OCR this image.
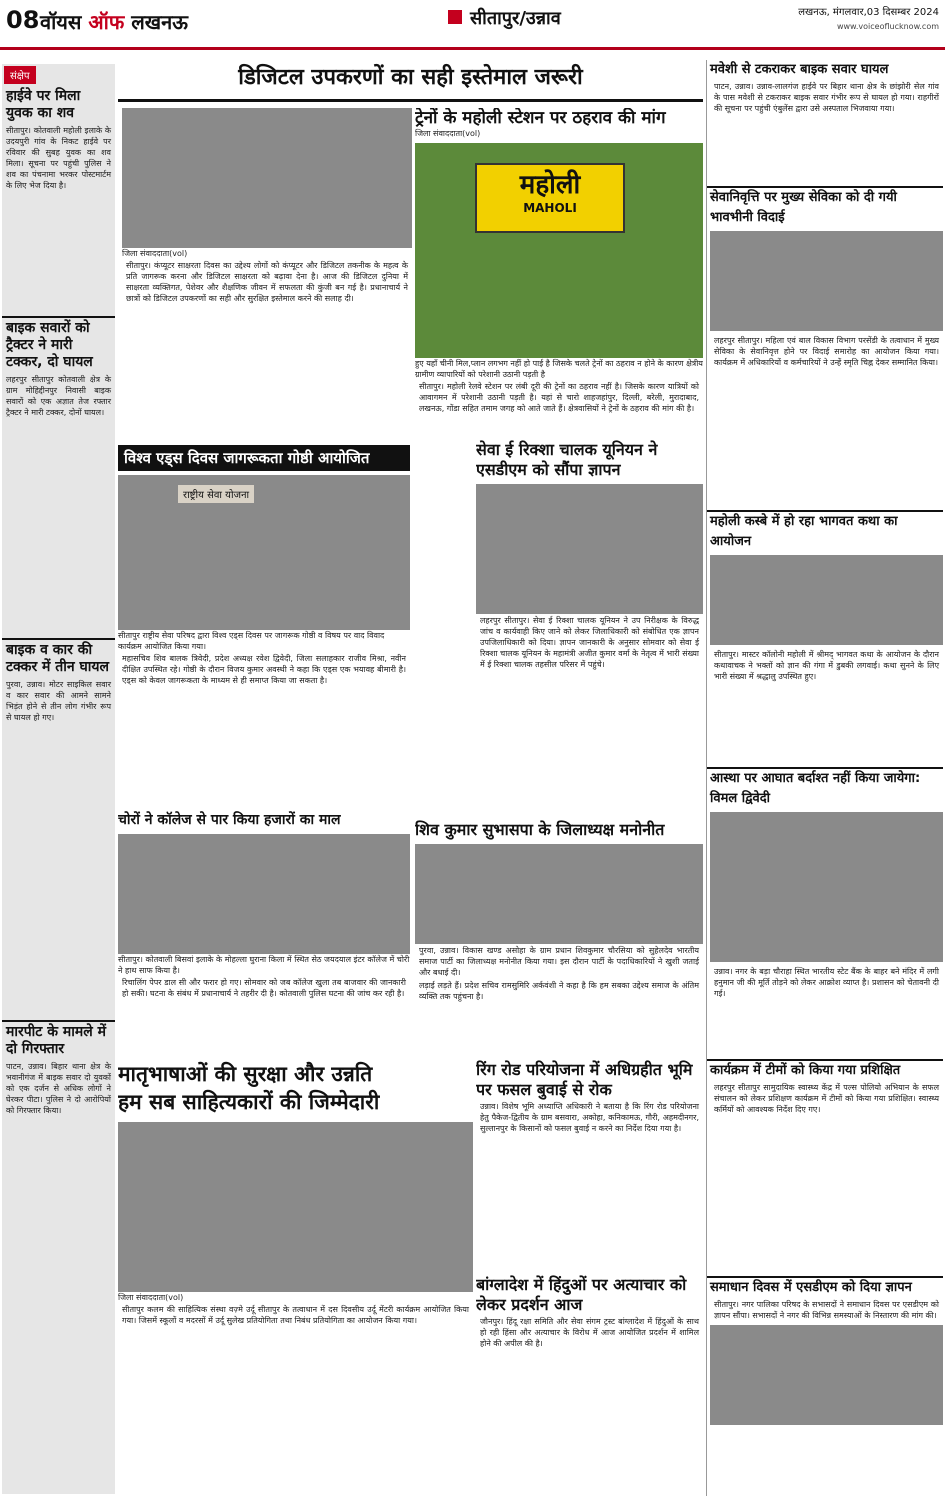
08 वॉयस ऑफ लखनऊ	सीतापुर/उन्नाव	लखनऊ, मंगलवार,03 दिसम्बर 2024
www.voiceoflucknow.com
संक्षेप
हाईवे पर मिला युवक का शव
सीतापुर। कोतवाली महोली इलाके के उदयपुरी गांव के निकट हाईवे पर रविवार की सुबह युवक का शव मिला। सूचना पर पहुंची पुलिस ने शव का पंचनामा भरकर पोस्टमार्टम के लिए भेज दिया है।
बाइक सवारों को ट्रैक्टर ने मारी टक्कर, दो घायल
लहरपुर सीतापुर कोतवाली क्षेत्र के ग्राम मोहिद्दीनपुर निवासी बाइक सवारों को एक अज्ञात तेज रफ्तार ट्रैक्टर ने मारी टक्कर, दोनों घायल।
बाइक व कार की टक्कर में तीन घायल
पुरवा, उन्नाव। मोटर साइकिल सवार व कार सवार की आमने सामने भिड़ंत होने से तीन लोग गंभीर रूप से घायल हो गए।
मारपीट के मामले में दो गिरफ्तार
पाटन, उन्नाव। बिहार थाना क्षेत्र के भवानीगंज में बाइक सवार दो युवकों को एक दर्जन से अधिक लोगों ने घेरकर पीटा। पुलिस ने दो आरोपियों को गिरफ्तार किया।
डिजिटल उपकरणों का सही इस्तेमाल जरूरी
जिला संवाददाता(vol)
सीतापुर। कंप्यूटर साक्षरता दिवस का उद्देश्य लोगों को कंप्यूटर और डिजिटल तकनीक के महत्व के प्रति जागरूक करना और डिजिटल साक्षरता को बढ़ावा देना है। आज की डिजिटल दुनिया में साक्षरता व्यक्तिगत, पेशेवर और शैक्षणिक जीवन में सफलता की कुंजी बन गई है। प्रधानाचार्य ने छात्रों को डिजिटल उपकरणों का सही और सुरक्षित इस्तेमाल करने की सलाह दी।
ट्रेनों के महोली स्टेशन पर ठहराव की मांग
जिला संवाददाता(vol)
महोली
MAHOLI
हुए यहाँ चीनी मिल,प्लान लगभग नहीं हो पाई है जिसके चलते ट्रेनों का ठहराव न होने के कारण क्षेत्रीय ग्रामीण व्यापारियों को परेशानी उठानी पड़ती है
सीतापुर। महोली रेलवे स्टेशन पर लंबी दूरी की ट्रेनों का ठहराव नहीं है। जिसके कारण यात्रियों को आवागमन में परेशानी उठानी पड़ती है। यहां से चारो शाहजहांपुर, दिल्ली, बरेली, मुरादाबाद, लखनऊ, गोंडा सहित तमाम जगह को आते जाते हैं। क्षेत्रवासियों ने ट्रेनों के ठहराव की मांग की है।
विश्व एड्स दिवस जागरूकता गोष्ठी आयोजित
राष्ट्रीय सेवा योजना
सीतापुर राष्ट्रीय सेवा परिषद द्वारा विश्व एड्स दिवस पर जागरूक गोष्ठी व विषय पर वाद विवाद कार्यक्रम आयोजित किया गया।
महासचिव शिव बालक त्रिवेदी, प्रदेश अध्यक्ष रवेश द्विवेदी, जिला सलाहकार राजीव मिश्रा, नवीन दीक्षित उपस्थित रहे। गोष्ठी के दौरान विजय कुमार अवस्थी ने कहा कि एड्स एक भयावह बीमारी है। एड्स को केवल जागरूकता के माध्यम से ही समाप्त किया जा सकता है।
सेवा ई रिक्शा चालक यूनियन ने एसडीएम को सौंपा ज्ञापन
लहरपुर सीतापुर। सेवा ई रिक्शा चालक यूनियन ने उप निरीक्षक के विरुद्ध जांच व कार्यवाही किए जाने को लेकर जिलाधिकारी को संबोधित एक ज्ञापन उपजिलाधिकारी को दिया। ज्ञापन जानकारी के अनुसार सोमवार को सेवा ई रिक्शा चालक यूनियन के महामंत्री अजीत कुमार वर्मा के नेतृत्व में भारी संख्या में ई रिक्शा चालक तहसील परिसर में पहुंचे।
चोरों ने कॉलेज से पार किया हजारों का माल
सीतापुर। कोतवाली बिसवां इलाके के मोहल्ला घुराना किला में स्थित सेठ जयदयाल इंटर कॉलेज में चोरी ने हाथ साफ किया है।
रिचालिंग पेपर डाल सी और फरार हो गए। सोमवार को जब कॉलेज खुला तब बाजवार की जानकारी हो सकी। घटना के संबंध में प्रधानाचार्य ने तहरीर दी है। कोतवाली पुलिस घटना की जांच कर रही है।
शिव कुमार सुभासपा के जिलाध्यक्ष मनोनीत
पुरवा, उन्नाव। विकास खण्ड असोहा के ग्राम प्रधान शिवकुमार चौरसिया को सुहेलदेव भारतीय समाज पार्टी का जिलाध्यक्ष मनोनीत किया गया। इस दौरान पार्टी के पदाधिकारियों ने खुशी जताई और बधाई दी।
लड़ाई लड़ते हैं। प्रदेश सचिव रामसुमिरि अर्कवंशी ने कहा है कि हम सबका उद्देश्य समाज के अंतिम व्यक्ति तक पहुंचना है।
मातृभाषाओं की सुरक्षा और उन्नति
हम सब साहित्यकारों की जिम्मेदारी
जिला संवाददाता(vol)
सीतापुर कलम की साहित्यिक संस्था वज़्मे उर्दू सीतापुर के तत्वाधान में दस दिवसीय उर्दू मेंटरी कार्यक्रम आयोजित किया गया। जिसमें स्कूलों व मदरसों में उर्दू सुलेख प्रतियोगिता तथा निबंध प्रतियोगिता का आयोजन किया गया।
रिंग रोड परियोजना में अधिग्रहीत भूमि पर फसल बुवाई से रोक
उन्नाव। विशेष भूमि अध्याप्ति अधिकारी ने बताया है कि रिंग रोड परियोजना हेतु पैकेज-द्वितीय के ग्राम बसवारा, अकोहा, कनिकामऊ, गौरी, अहमदीनगर, सुल्तानपुर के किसानों को फसल बुवाई न करने का निर्देश दिया गया है।
बांग्लादेश में हिंदुओं पर अत्याचार को लेकर प्रदर्शन आज
जौनपुर। हिंदू रक्षा समिति और सेवा संगम ट्रस्ट बांग्लादेश में हिंदुओं के साथ हो रही हिंसा और अत्याचार के विरोध में आज आयोजित प्रदर्शन में शामिल होने की अपील की है।
मवेशी से टकराकर बाइक सवार घायल
पाटन, उन्नाव। उन्नाव-लालगंज हाईवे पर बिहार थाना क्षेत्र के छांझोरी सेल गांव के पास मवेशी से टकराकर बाइक सवार गंभीर रूप से घायल हो गया। राहगीरों की सूचना पर पहुंची एंबुलेंस द्वारा उसे अस्पताल भिजवाया गया।
सेवानिवृत्ति पर मुख्य सेविका को दी गयी भावभीनी विदाई
लहरपुर सीतापुर। महिला एवं बाल विकास विभाग परसेंडी के तत्वाधान में मुख्य सेविका के सेवानिवृत्त होने पर विदाई समारोह का आयोजन किया गया। कार्यक्रम में अधिकारियों व कर्मचारियों ने उन्हें स्मृति चिह्न देकर सम्मानित किया।
महोली कस्बे में हो रहा भागवत कथा का आयोजन
सीतापुर। मास्टर कॉलोनी महोली में श्रीमद् भागवत कथा के आयोजन के दौरान कथावाचक ने भक्तों को ज्ञान की गंगा में डुबकी लगवाई। कथा सुनने के लिए भारी संख्या में श्रद्धालु उपस्थित हुए।
आस्था पर आघात बर्दाश्त नहीं किया जायेगा: विमल द्विवेदी
उन्नाव। नगर के बड़ा चौराहा स्थित भारतीय स्टेट बैंक के बाहर बने मंदिर में लगी हनुमान जी की मूर्ति तोड़ने को लेकर आक्रोश व्याप्त है। प्रशासन को चेतावनी दी गई।
कार्यक्रम में टीमों को किया गया प्रशिक्षित
लहरपुर सीतापुर सामुदायिक स्वास्थ्य केंद्र में पल्स पोलियो अभियान के सफल संचालन को लेकर प्रशिक्षण कार्यक्रम में टीमों को किया गया प्रशिक्षित। स्वास्थ्य कर्मियों को आवश्यक निर्देश दिए गए।
समाधान दिवस में एसडीएम को दिया ज्ञापन
सीतापुर। नगर पालिका परिषद के सभासदों ने समाधान दिवस पर एसडीएम को ज्ञापन सौंपा। सभासदों ने नगर की विभिन्न समस्याओं के निस्तारण की मांग की।
